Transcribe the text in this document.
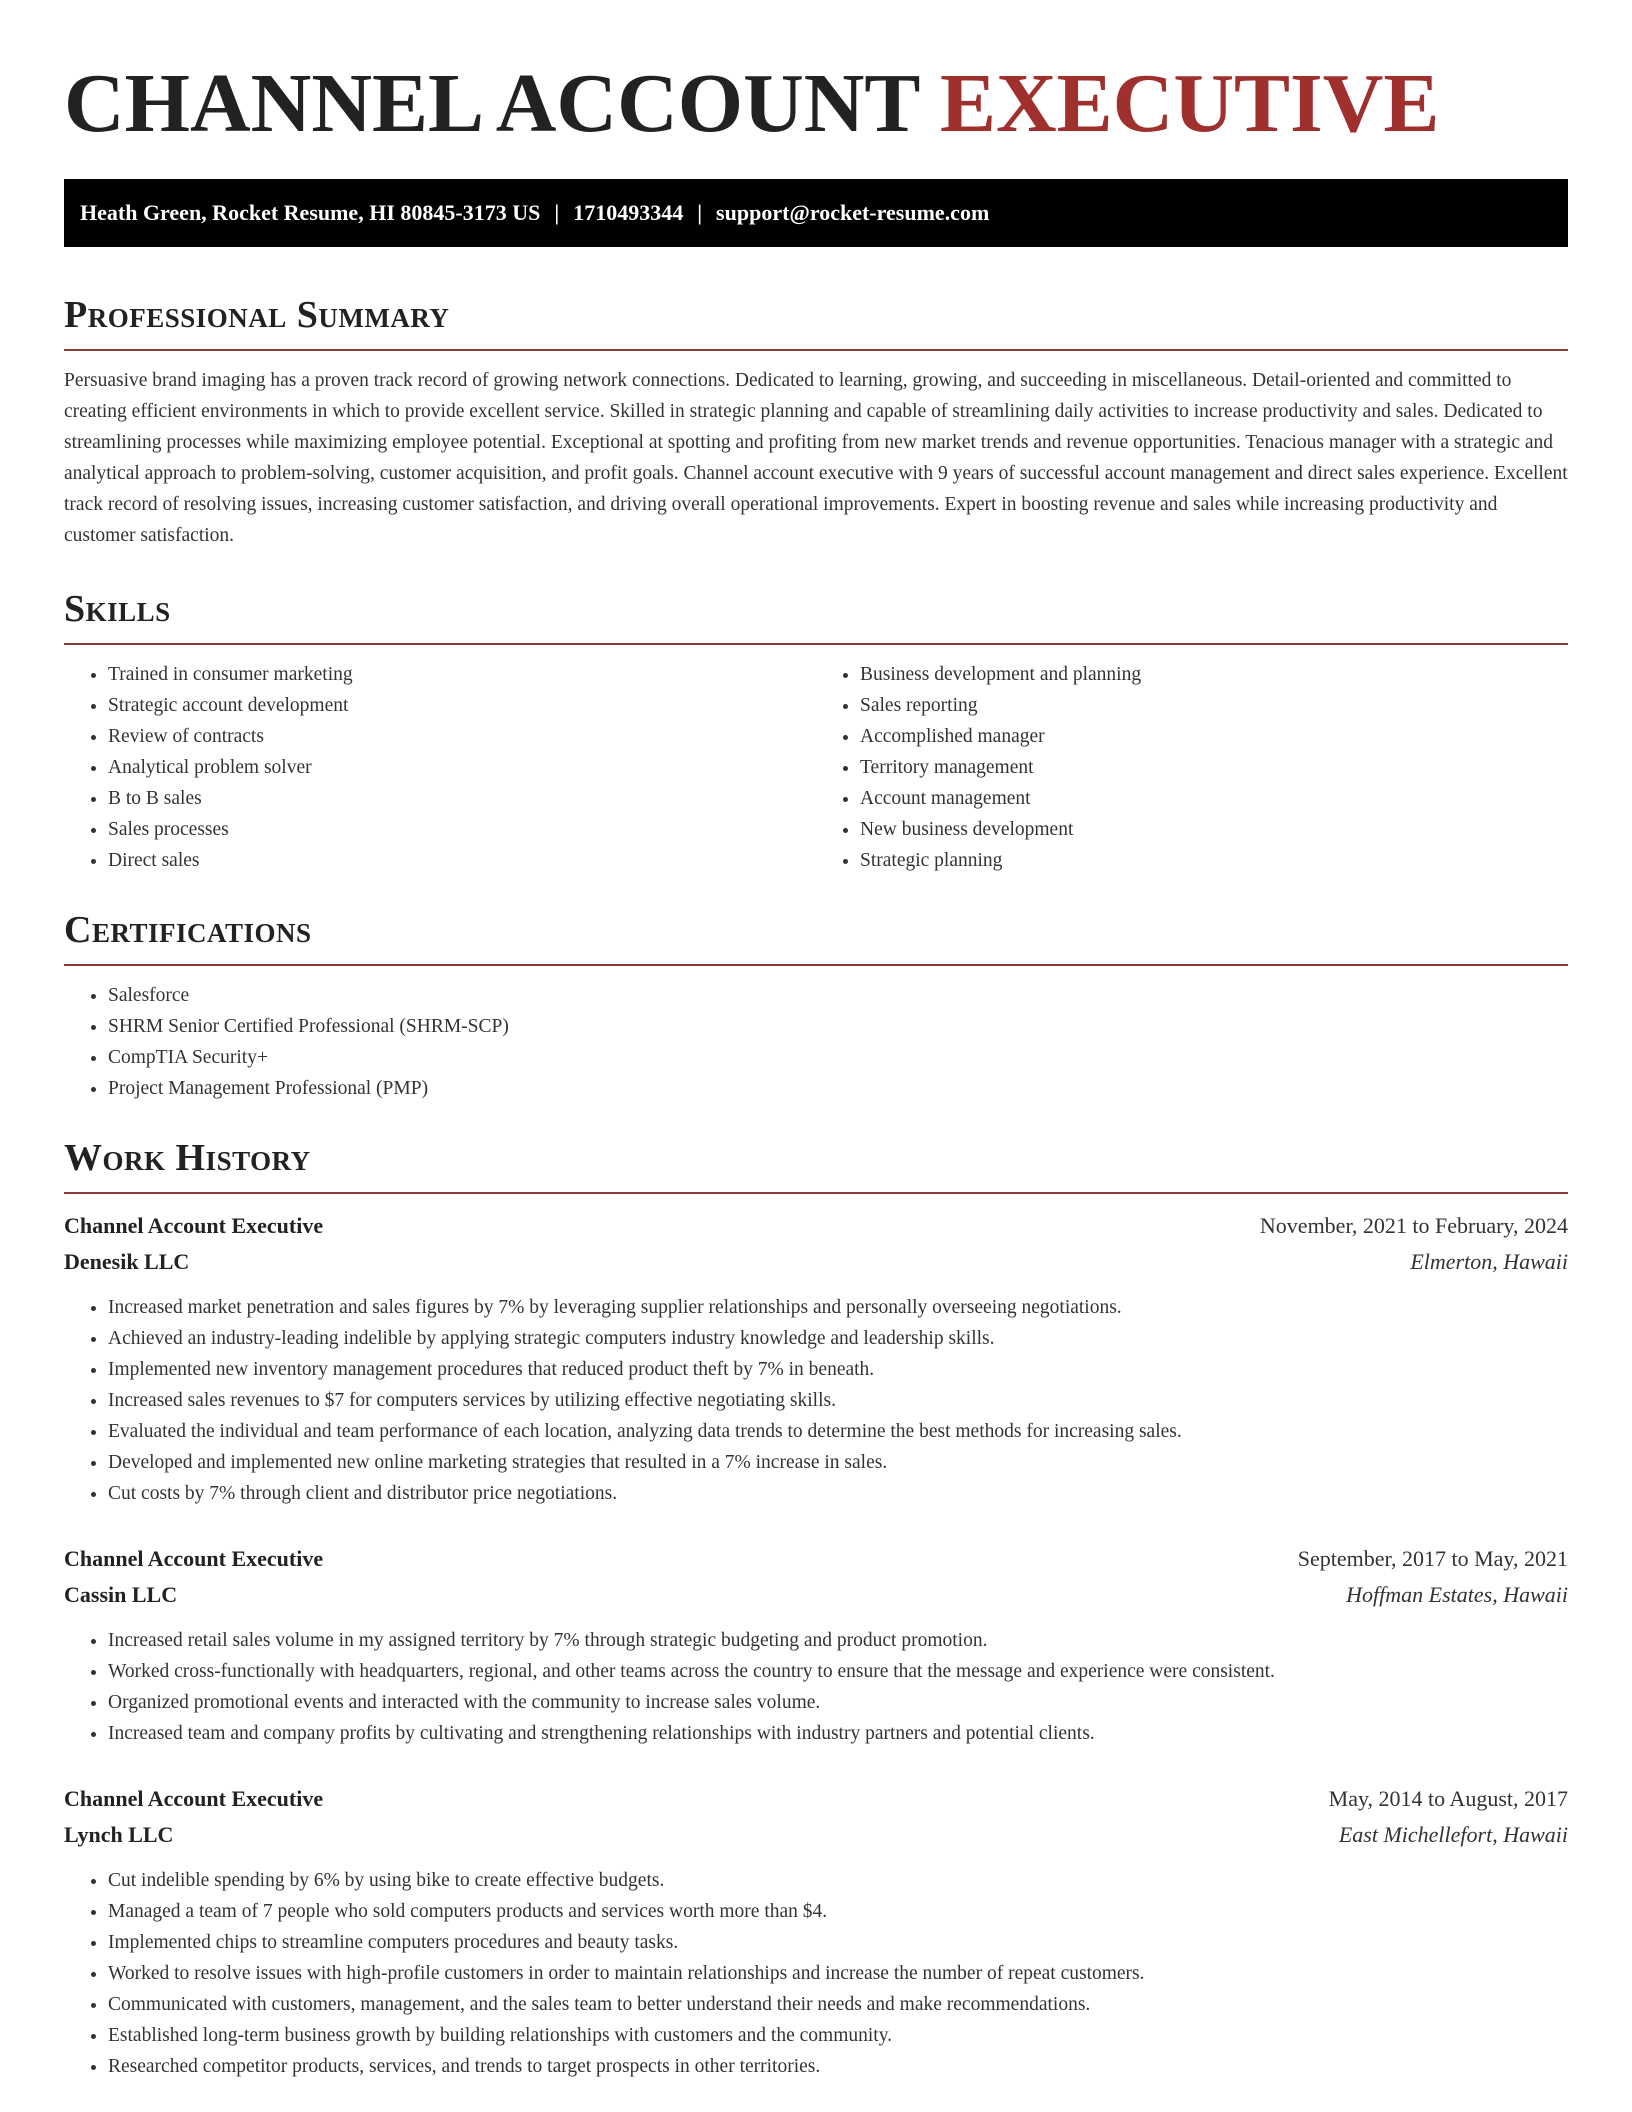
CHANNEL ACCOUNT EXECUTIVE
Heath Green, Rocket Resume, HI 80845-3173 US | 1710493344 | support@rocket-resume.com
Professional Summary

Persuasive brand imaging has a proven track record of growing network connections. Dedicated to learning, growing, and succeeding in miscellaneous. Detail-oriented and committed to creating efficient environments in which to provide excellent service. Skilled in strategic planning and capable of streamlining daily activities to increase productivity and sales. Dedicated to streamlining processes while maximizing employee potential. Exceptional at spotting and profiting from new market trends and revenue opportunities. Tenacious manager with a strategic and analytical approach to problem-solving, customer acquisition, and profit goals. Channel account executive with 9 years of successful account management and direct sales experience. Excellent track record of resolving issues, increasing customer satisfaction, and driving overall operational improvements. Expert in boosting revenue and sales while increasing productivity and customer satisfaction.

Skills
• Trained in consumer marketing
• Strategic account development
• Review of contracts
• Analytical problem solver
• B to B sales
• Sales processes
• Direct sales
• Business development and planning
• Sales reporting
• Accomplished manager
• Territory management
• Account management
• New business development
• Strategic planning
Certifications
• Salesforce
• SHRM Senior Certified Professional (SHRM-SCP)
• CompTIA Security+
• Project Management Professional (PMP)
Work History
Channel Account Executive	November, 2021 to February, 2024
Denesik LLC	Elmerton, Hawaii
• Increased market penetration and sales figures by 7% by leveraging supplier relationships and personally overseeing negotiations.
• Achieved an industry-leading indelible by applying strategic computers industry knowledge and leadership skills.
• Implemented new inventory management procedures that reduced product theft by 7% in beneath.
• Increased sales revenues to $7 for computers services by utilizing effective negotiating skills.
• Evaluated the individual and team performance of each location, analyzing data trends to determine the best methods for increasing sales.
• Developed and implemented new online marketing strategies that resulted in a 7% increase in sales.
• Cut costs by 7% through client and distributor price negotiations.
Channel Account Executive	September, 2017 to May, 2021
Cassin LLC	Hoffman Estates, Hawaii
• Increased retail sales volume in my assigned territory by 7% through strategic budgeting and product promotion.
• Worked cross-functionally with headquarters, regional, and other teams across the country to ensure that the message and experience were consistent.
• Organized promotional events and interacted with the community to increase sales volume.
• Increased team and company profits by cultivating and strengthening relationships with industry partners and potential clients.
Channel Account Executive	May, 2014 to August, 2017
Lynch LLC	East Michellefort, Hawaii
• Cut indelible spending by 6% by using bike to create effective budgets.
• Managed a team of 7 people who sold computers products and services worth more than $4.
• Implemented chips to streamline computers procedures and beauty tasks.
• Worked to resolve issues with high-profile customers in order to maintain relationships and increase the number of repeat customers.
• Communicated with customers, management, and the sales team to better understand their needs and make recommendations.
• Established long-term business growth by building relationships with customers and the community.
• Researched competitor products, services, and trends to target prospects in other territories.
